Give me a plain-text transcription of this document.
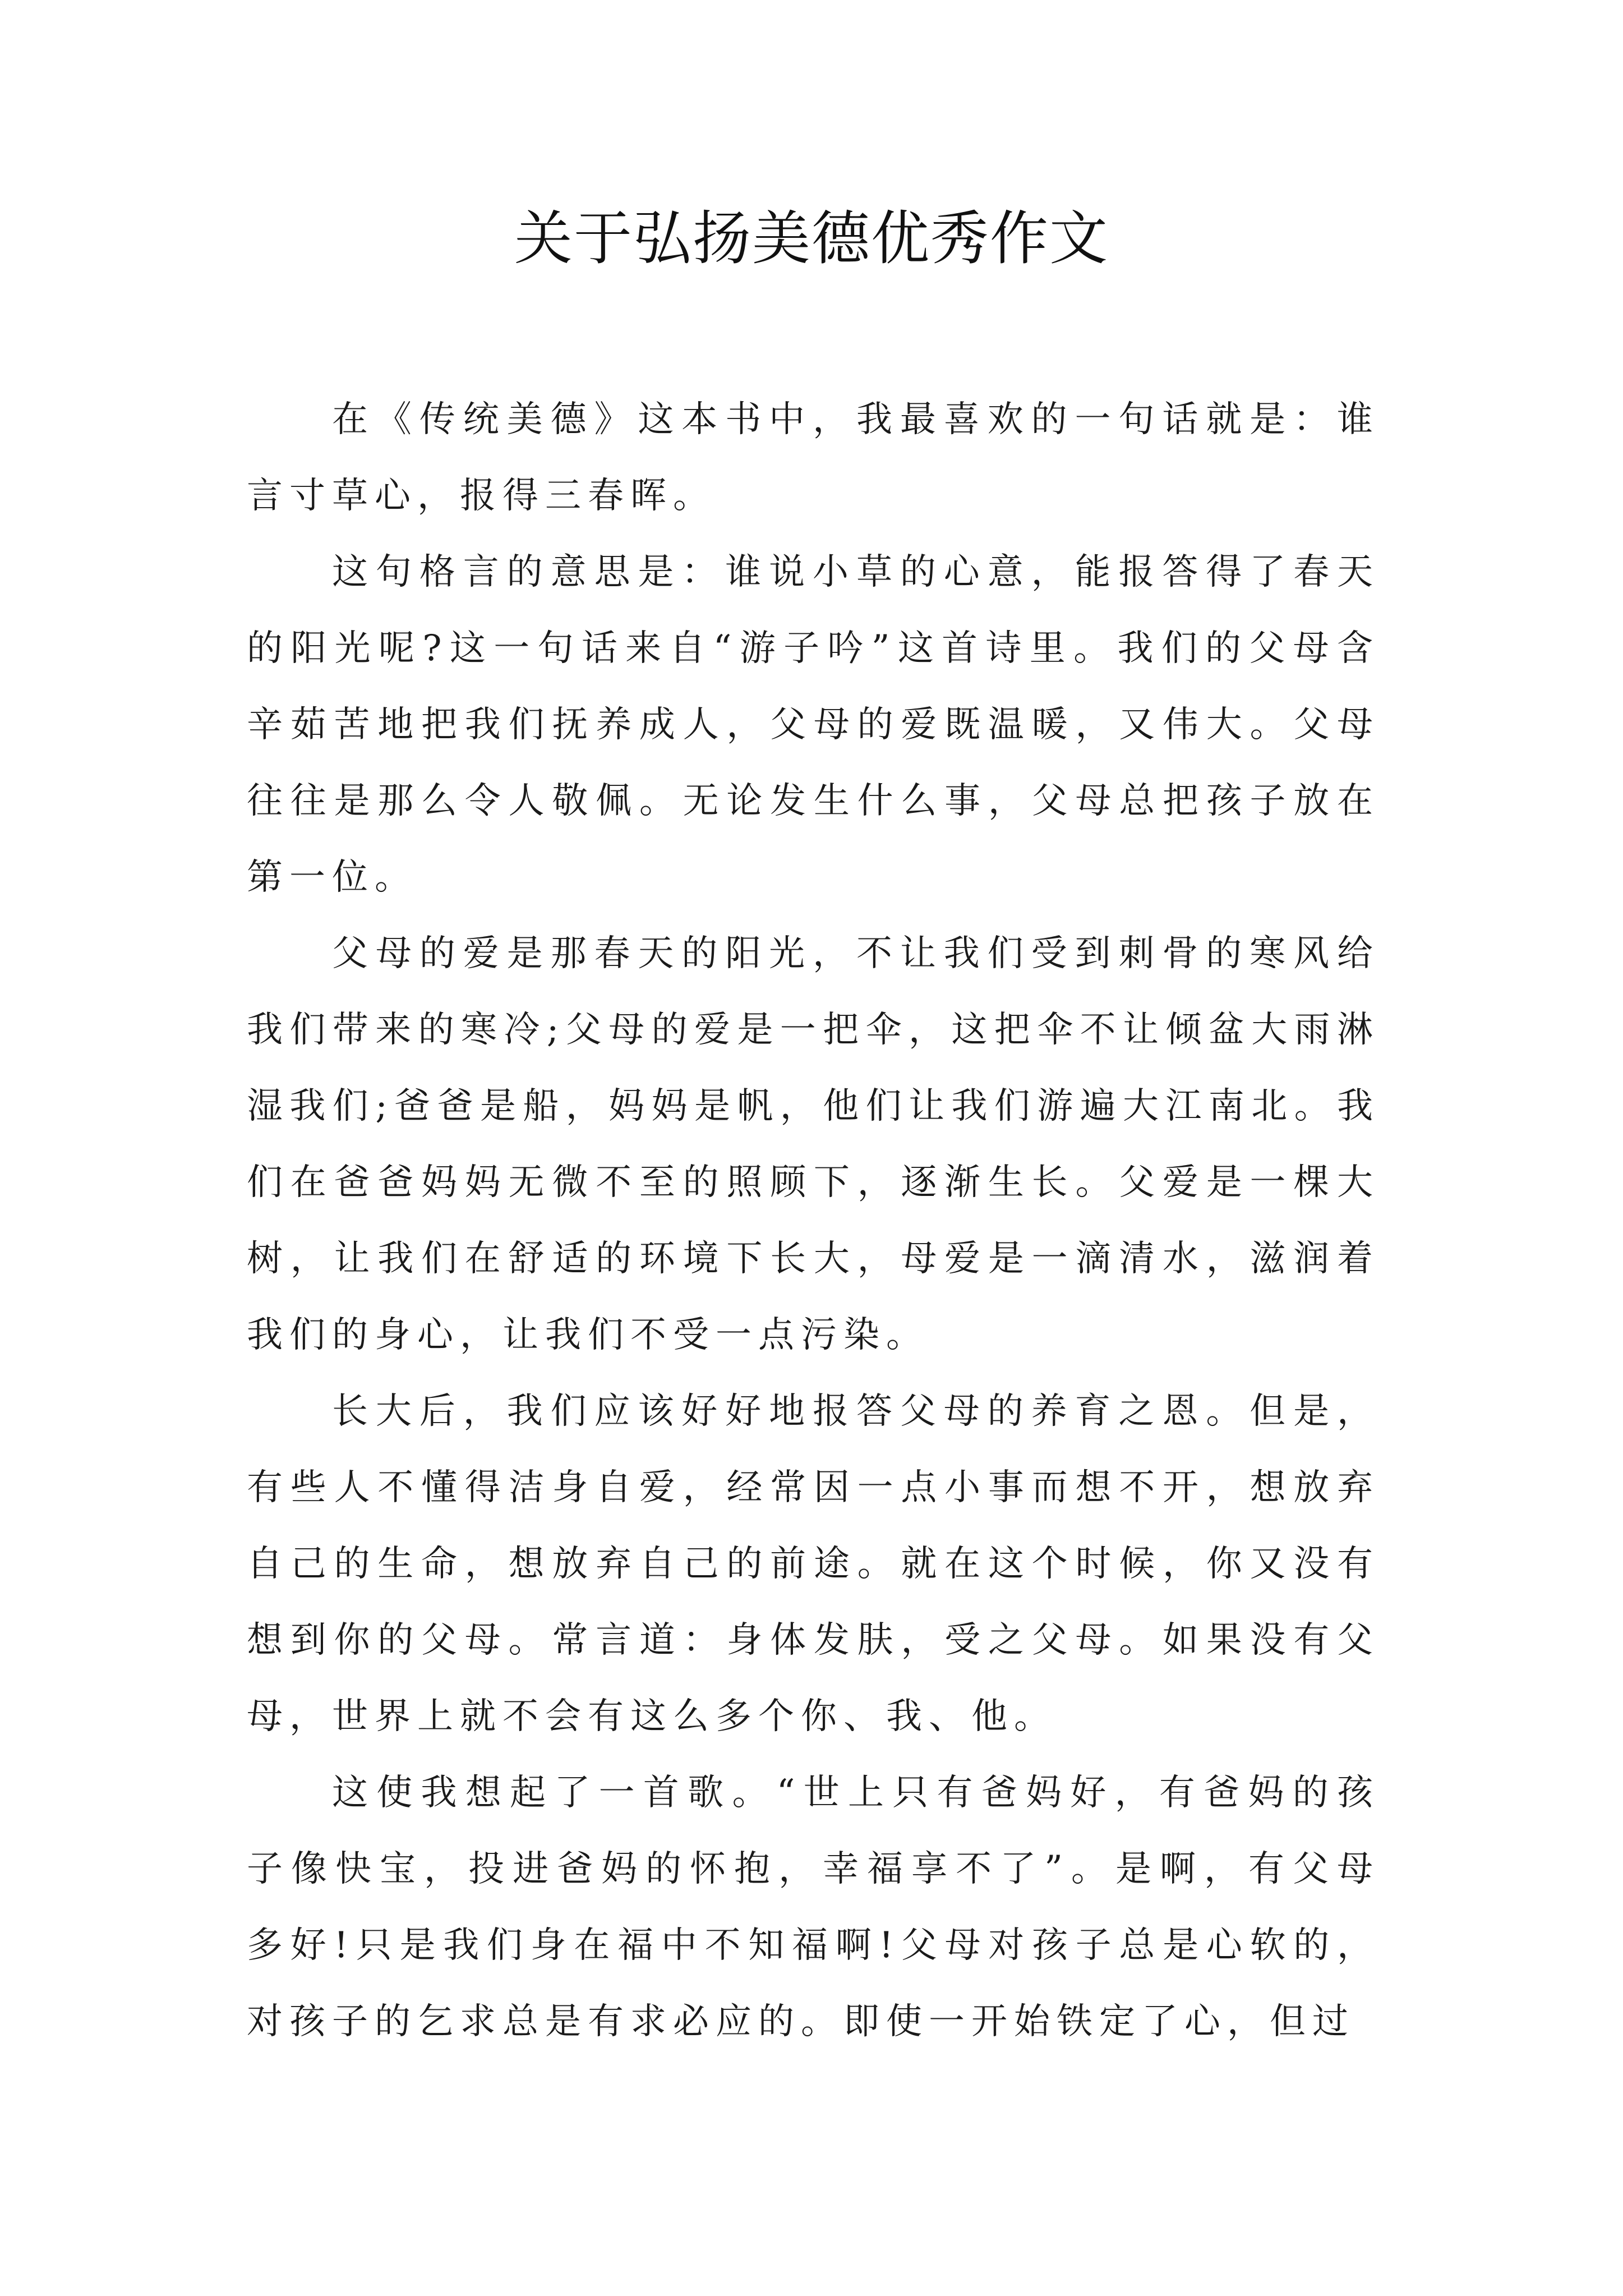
关于弘扬美德优秀作文

在《传统美德》这本书中，我最喜欢的一句话就是：谁言寸草心，报得三春晖。

这句格言的意思是：谁说小草的心意，能报答得了春天的阳光呢?这一句话来自“游子吟”这首诗里。我们的父母含辛茹苦地把我们抚养成人，父母的爱既温暖，又伟大。父母往往是那么令人敬佩。无论发生什么事，父母总把孩子放在第一位。

父母的爱是那春天的阳光，不让我们受到刺骨的寒风给我们带来的寒冷;父母的爱是一把伞，这把伞不让倾盆大雨淋湿我们;爸爸是船，妈妈是帆，他们让我们游遍大江南北。我们在爸爸妈妈无微不至的照顾下，逐渐生长。父爱是一棵大树，让我们在舒适的环境下长大，母爱是一滴清水，滋润着我们的身心，让我们不受一点污染。

长大后，我们应该好好地报答父母的养育之恩。但是，有些人不懂得洁身自爱，经常因一点小事而想不开，想放弃自己的生命，想放弃自己的前途。就在这个时候，你又没有想到你的父母。常言道：身体发肤，受之父母。如果没有父母，世界上就不会有这么多个你、我、他。

这使我想起了一首歌。“世上只有爸妈好，有爸妈的孩子像快宝，投进爸妈的怀抱，幸福享不了”。是啊，有父母多好!只是我们身在福中不知福啊!父母对孩子总是心软的，对孩子的乞求总是有求必应的。即使一开始铁定了心，但过
